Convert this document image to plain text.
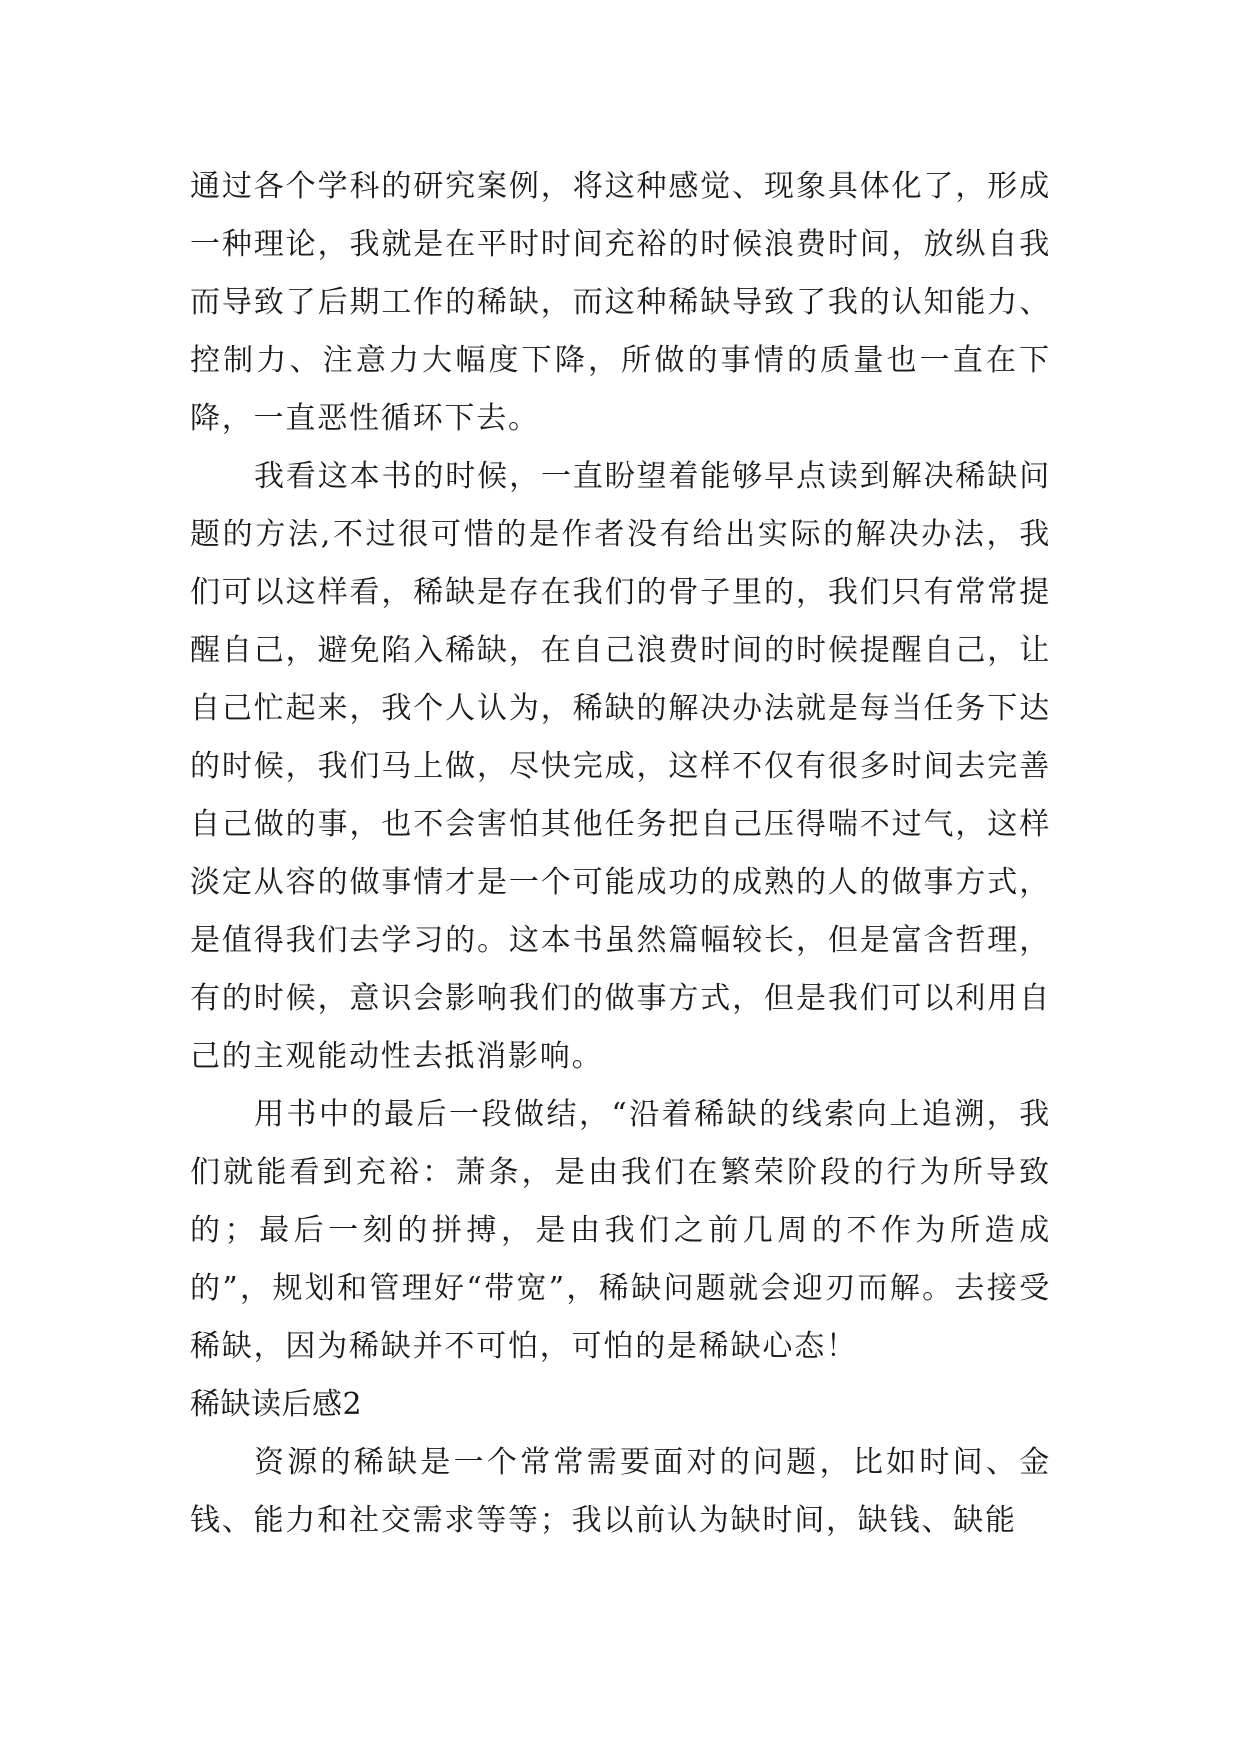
通过各个学科的研究案例，将这种感觉、现象具体化了，形成一种理论，我就是在平时时间充裕的时候浪费时间，放纵自我而导致了后期工作的稀缺，而这种稀缺导致了我的认知能力、控制力、注意力大幅度下降，所做的事情的质量也一直在下降，一直恶性循环下去。

我看这本书的时候，一直盼望着能够早点读到解决稀缺问题的方法,不过很可惜的是作者没有给出实际的解决办法，我们可以这样看，稀缺是存在我们的骨子里的，我们只有常常提醒自己，避免陷入稀缺，在自己浪费时间的时候提醒自己，让自己忙起来，我个人认为，稀缺的解决办法就是每当任务下达的时候，我们马上做，尽快完成，这样不仅有很多时间去完善自己做的事，也不会害怕其他任务把自己压得喘不过气，这样淡定从容的做事情才是一个可能成功的成熟的人的做事方式，是值得我们去学习的。这本书虽然篇幅较长，但是富含哲理，有的时候，意识会影响我们的做事方式，但是我们可以利用自己的主观能动性去抵消影响。

用书中的最后一段做结，“沿着稀缺的线索向上追溯，我们就能看到充裕：萧条，是由我们在繁荣阶段的行为所导致的；最后一刻的拼搏，是由我们之前几周的不作为所造成的”，规划和管理好“带宽”，稀缺问题就会迎刃而解。去接受稀缺，因为稀缺并不可怕，可怕的是稀缺心态！

稀缺读后感2

资源的稀缺是一个常常需要面对的问题，比如时间、金钱、能力和社交需求等等；我以前认为缺时间，缺钱、缺能
